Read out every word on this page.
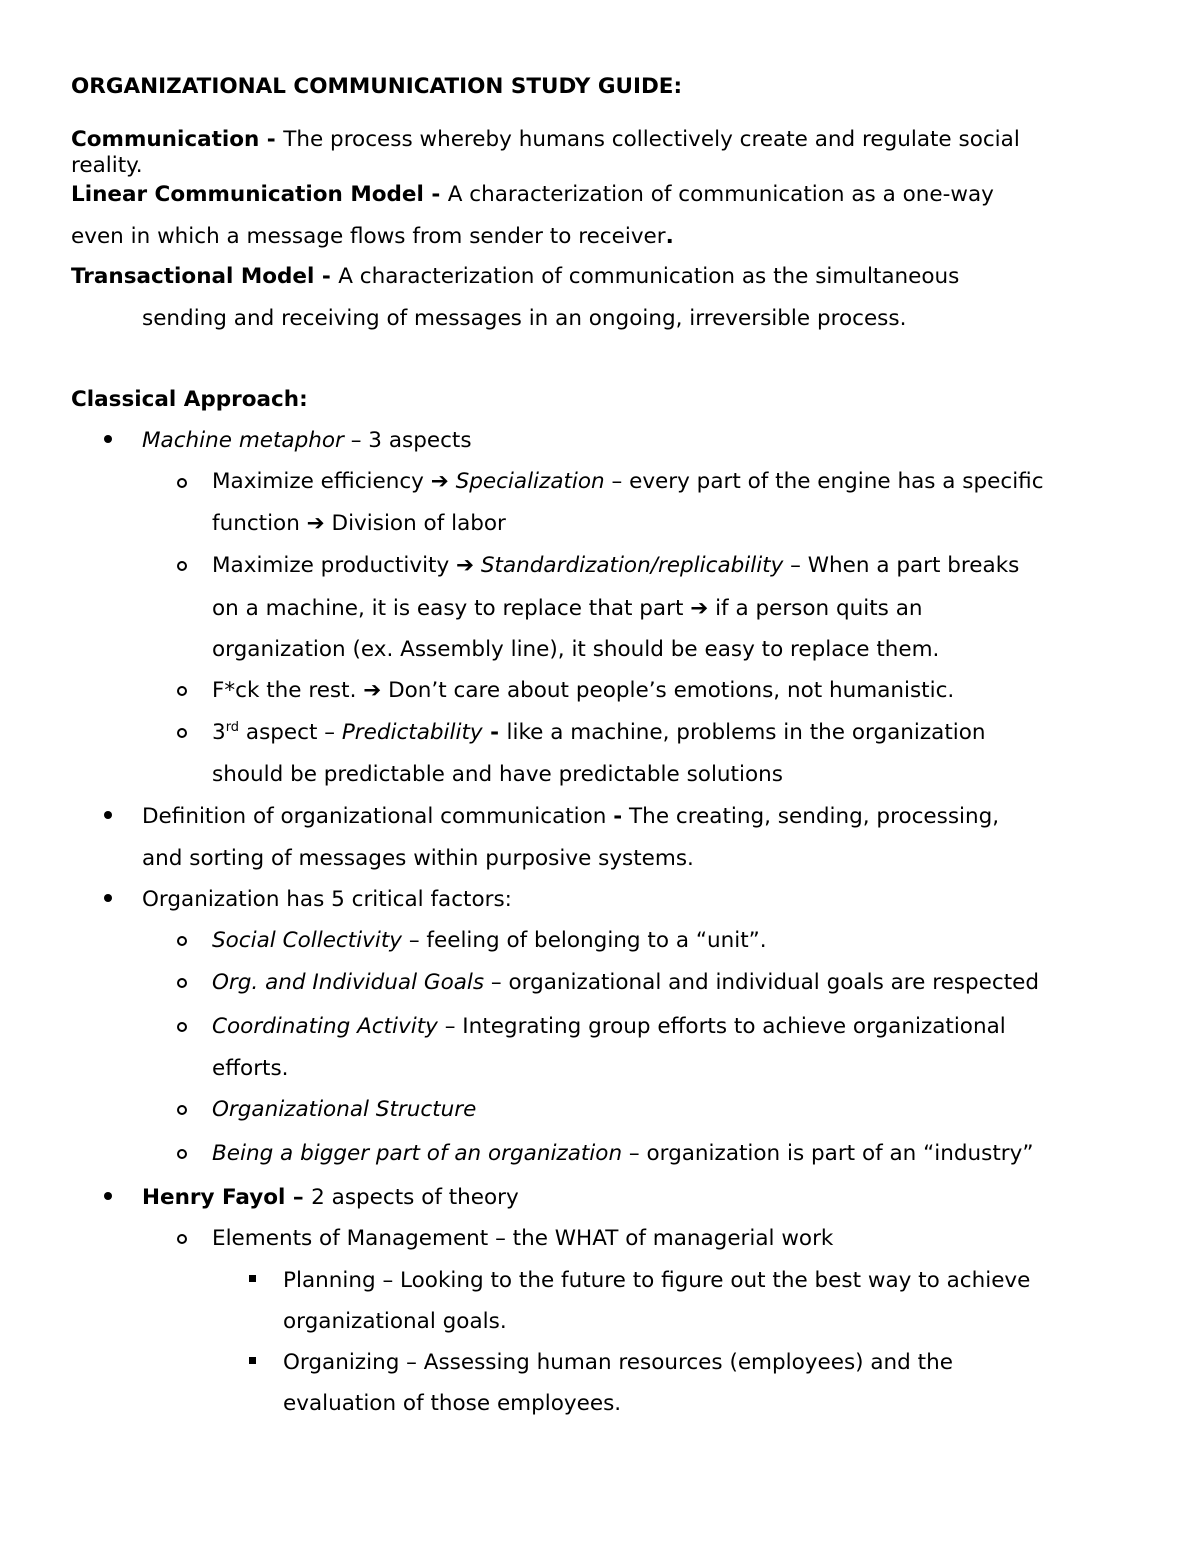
ORGANIZATIONAL COMMUNICATION STUDY GUIDE:
Communication - The process whereby humans collectively create and regulate social
reality.
Linear Communication Model - A characterization of communication as a one-way
even in which a message flows from sender to receiver.
Transactional Model - A characterization of communication as the simultaneous
sending and receiving of messages in an ongoing, irreversible process.
Classical Approach:
Machine metaphor – 3 aspects
Maximize efficiency ➔ Specialization – every part of the engine has a specific
function ➔ Division of labor
Maximize productivity ➔ Standardization/replicability – When a part breaks
on a machine, it is easy to replace that part ➔ if a person quits an
organization (ex. Assembly line), it should be easy to replace them.
F*ck the rest. ➔ Don’t care about people’s emotions, not humanistic.
3rd aspect – Predictability - like a machine, problems in the organization
should be predictable and have predictable solutions
Definition of organizational communication - The creating, sending, processing,
and sorting of messages within purposive systems.
Organization has 5 critical factors:
Social Collectivity – feeling of belonging to a “unit”.
Org. and Individual Goals – organizational and individual goals are respected
Coordinating Activity – Integrating group efforts to achieve organizational
efforts.
Organizational Structure
Being a bigger part of an organization – organization is part of an “industry”
Henry Fayol – 2 aspects of theory
Elements of Management – the WHAT of managerial work
Planning – Looking to the future to figure out the best way to achieve
organizational goals.
Organizing – Assessing human resources (employees) and the
evaluation of those employees.
